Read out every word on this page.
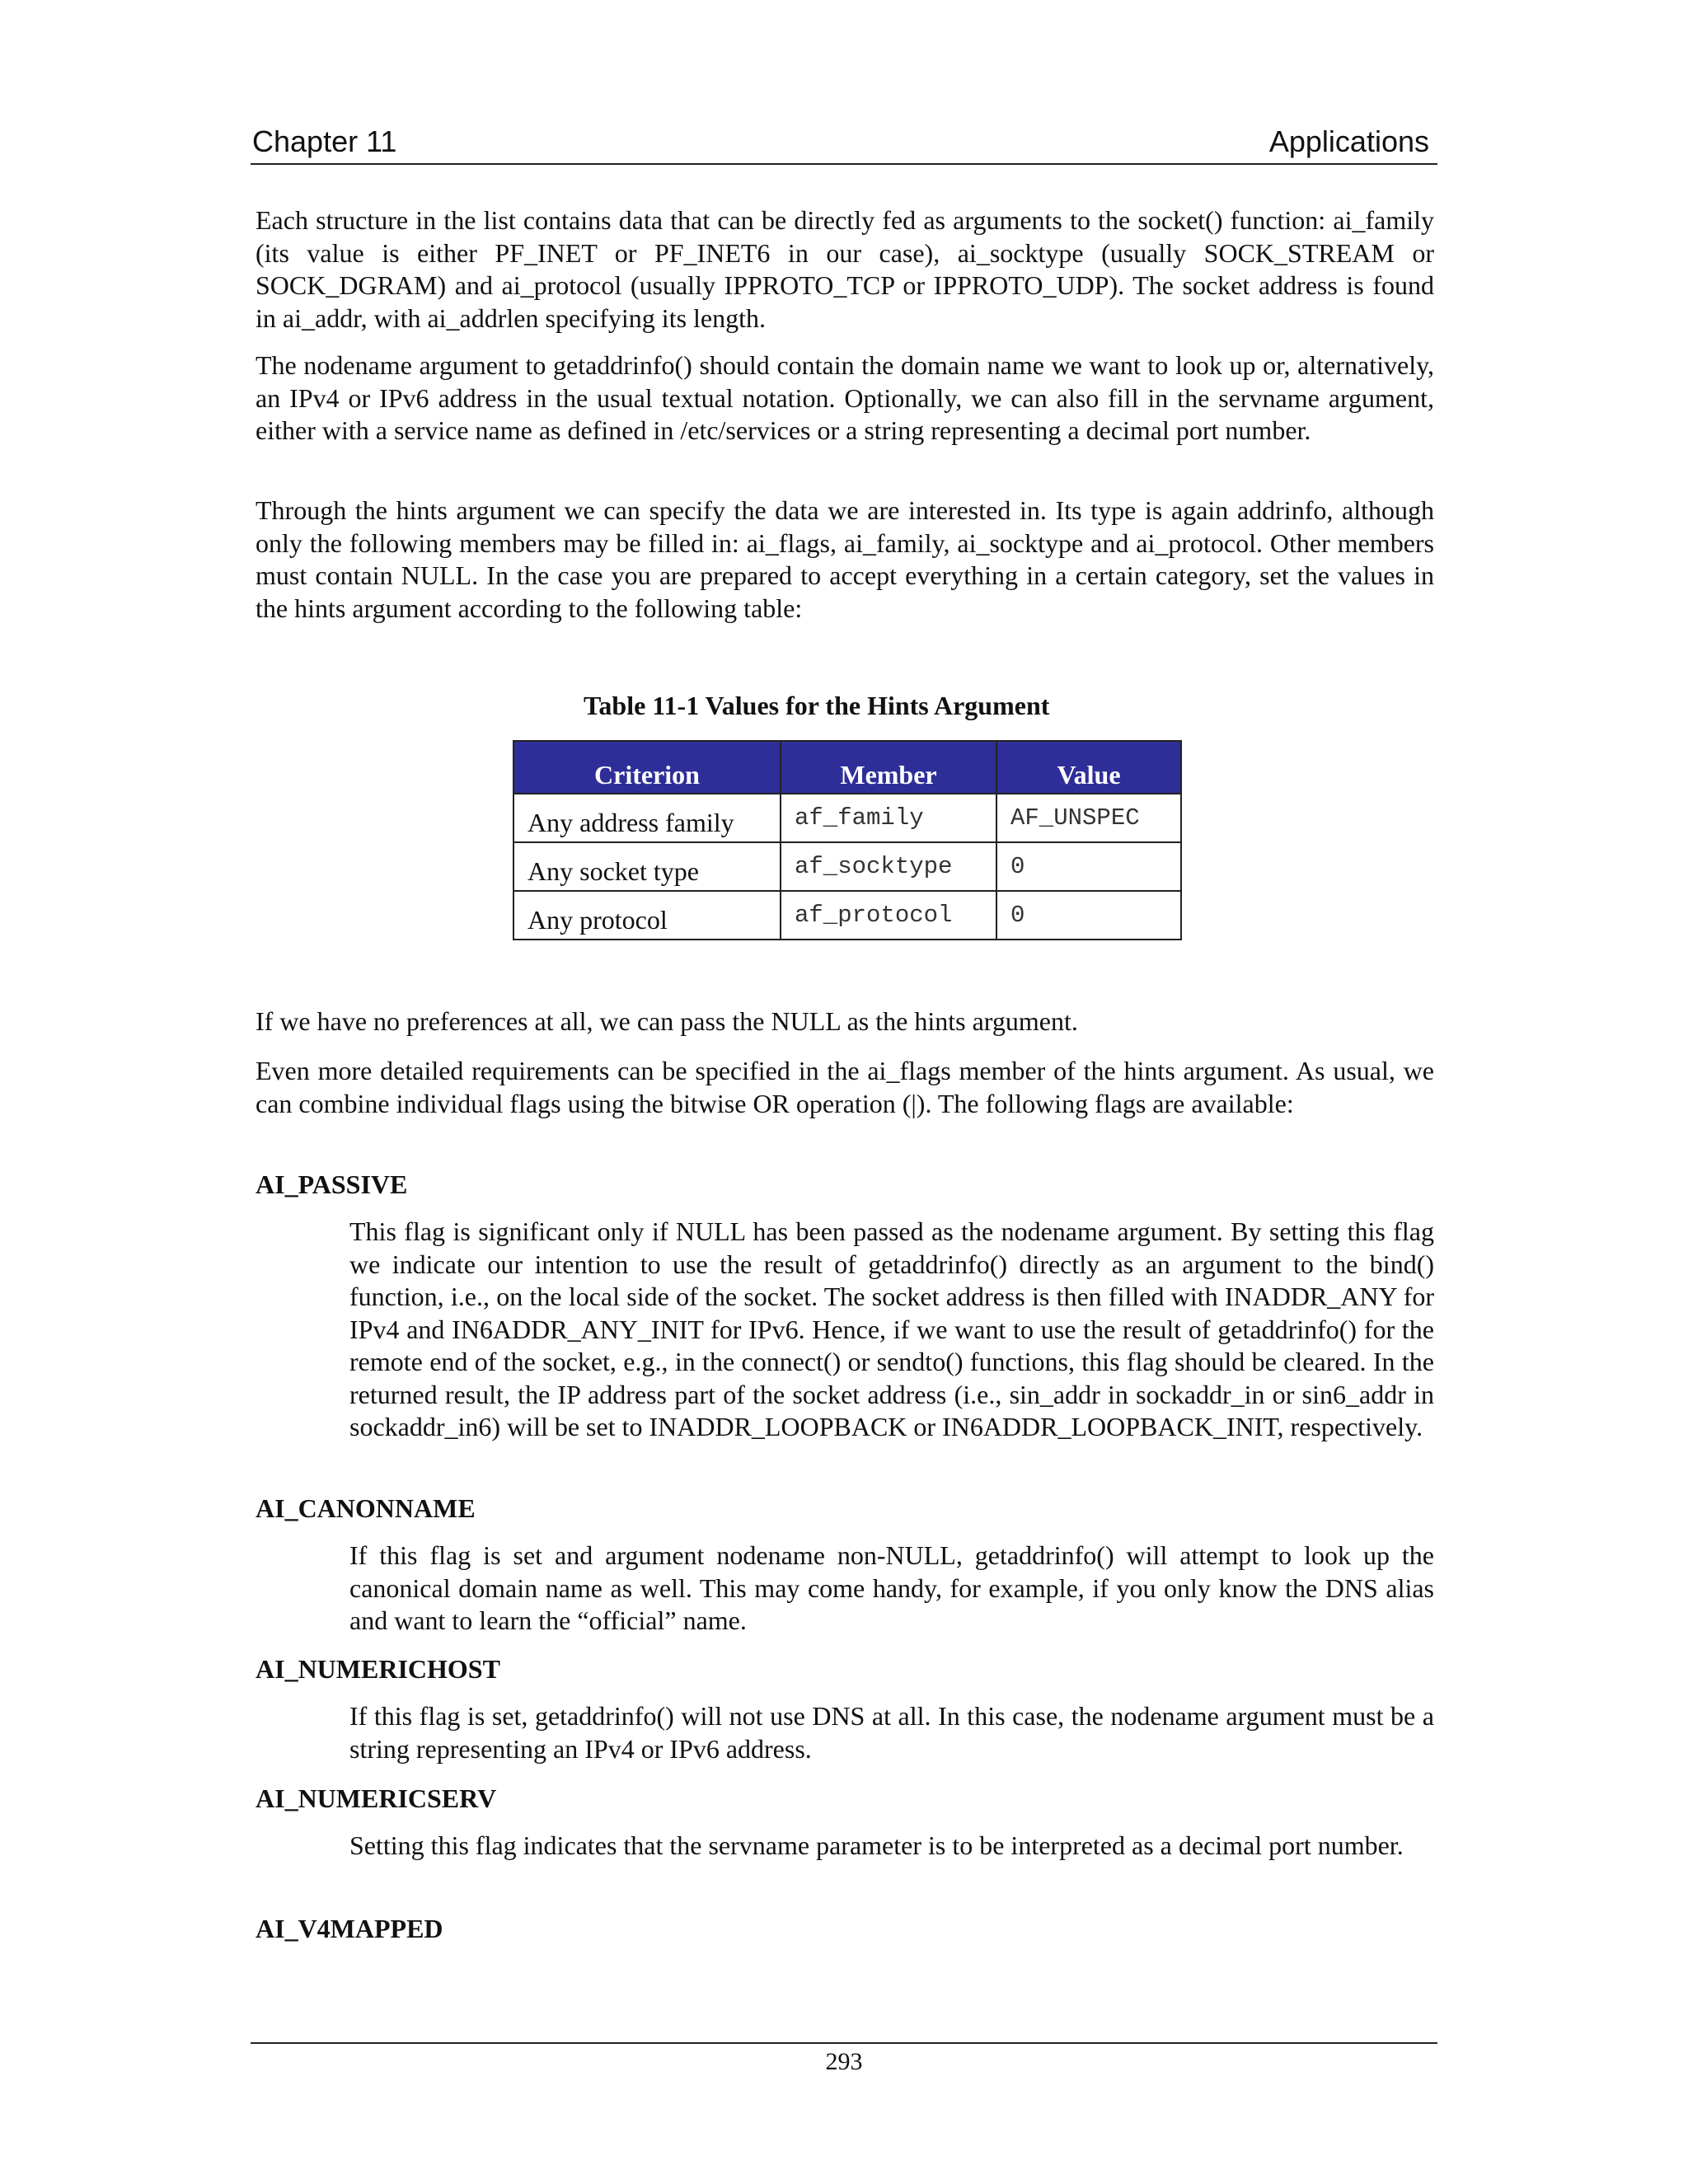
Chapter 11	Applications

Each structure in the list contains data that can be directly fed as arguments to the socket() function: ai_family (its value is either PF_INET or PF_INET6 in our case), ai_socktype (usually SOCK_STREAM or SOCK_DGRAM) and ai_protocol (usually IPPROTO_TCP or IPPROTO_UDP). The socket address is found in ai_addr, with ai_addrlen specifying its length.

The nodename argument to getaddrinfo() should contain the domain name we want to look up or, alternatively, an IPv4 or IPv6 address in the usual textual notation. Optionally, we can also fill in the servname argument, either with a service name as defined in /etc/services or a string representing a decimal port number.

Through the hints argument we can specify the data we are interested in. Its type is again addrinfo, although only the following members may be filled in: ai_flags, ai_family, ai_socktype and ai_protocol. Other members must contain NULL. In the case you are prepared to accept everything in a certain category, set the values in the hints argument according to the following table:

Table 11-1 Values for the Hints Argument
Criterion	Member	Value
Any address family	af_family	AF_UNSPEC
Any socket type	af_socktype	0
Any protocol	af_protocol	0

If we have no preferences at all, we can pass the NULL as the hints argument.

Even more detailed requirements can be specified in the ai_flags member of the hints argument. As usual, we can combine individual flags using the bitwise OR operation (|). The following flags are available:

AI_PASSIVE

This flag is significant only if NULL has been passed as the nodename argument. By setting this flag we indicate our intention to use the result of getaddrinfo() directly as an argument to the bind() function, i.e., on the local side of the socket. The socket address is then filled with INADDR_ANY for IPv4 and IN6ADDR_ANY_INIT for IPv6. Hence, if we want to use the result of getaddrinfo() for the remote end of the socket, e.g., in the connect() or sendto() functions, this flag should be cleared. In the returned result, the IP address part of the socket address (i.e., sin_addr in sockaddr_in or sin6_addr in sockaddr_in6) will be set to INADDR_LOOPBACK or IN6ADDR_LOOPBACK_INIT, respectively.

AI_CANONNAME

If this flag is set and argument nodename non-NULL, getaddrinfo() will attempt to look up the canonical domain name as well. This may come handy, for example, if you only know the DNS alias and want to learn the “official” name.

AI_NUMERICHOST

If this flag is set, getaddrinfo() will not use DNS at all. In this case, the nodename argument must be a string representing an IPv4 or IPv6 address.

AI_NUMERICSERV

Setting this flag indicates that the servname parameter is to be interpreted as a decimal port number.

AI_V4MAPPED
293
